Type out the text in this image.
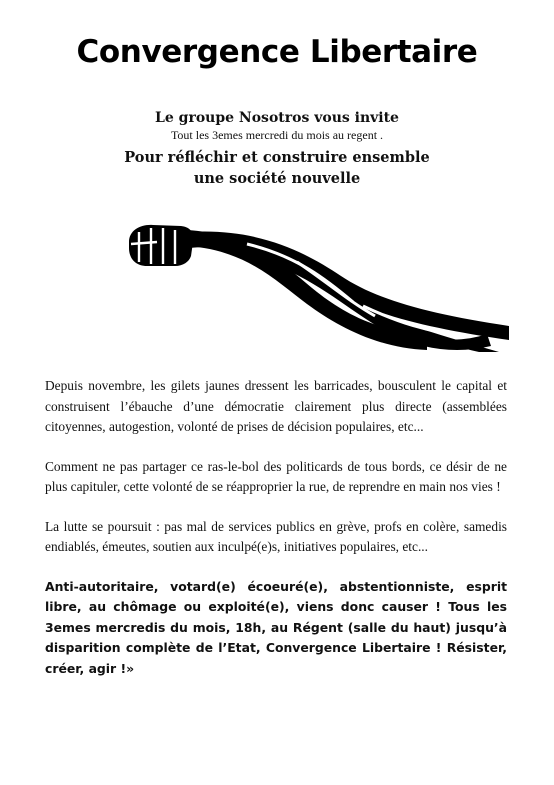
Convergence Libertaire

Le groupe Nosotros vous invite

Tout les 3emes mercredi du mois au regent .

Pour réfléchir et construire ensemble

une société nouvelle

Depuis novembre, les gilets jaunes dressent les barricades, bousculent le capital et construisent l’ébauche d’une démocratie clairement plus directe (assemblées citoyennes, autogestion, volonté de prises de décision populaires, etc...

Comment ne pas partager ce ras-le-bol des politicards de tous bords, ce désir de ne plus capituler, cette volonté de se réapproprier la rue, de reprendre en main nos vies !

La lutte se poursuit : pas mal de services publics en grève, profs en colère, samedis endiablés, émeutes, soutien aux inculpé(e)s, initiatives populaires, etc...

Anti-autoritaire, votard(e) écoeuré(e), abstentionniste, esprit libre, au chômage ou exploité(e), viens donc causer ! Tous les 3emes mercredis du mois, 18h, au Régent (salle du haut) jusqu’à disparition complète de l’Etat, Convergence Libertaire ! Résister, créer, agir !»
